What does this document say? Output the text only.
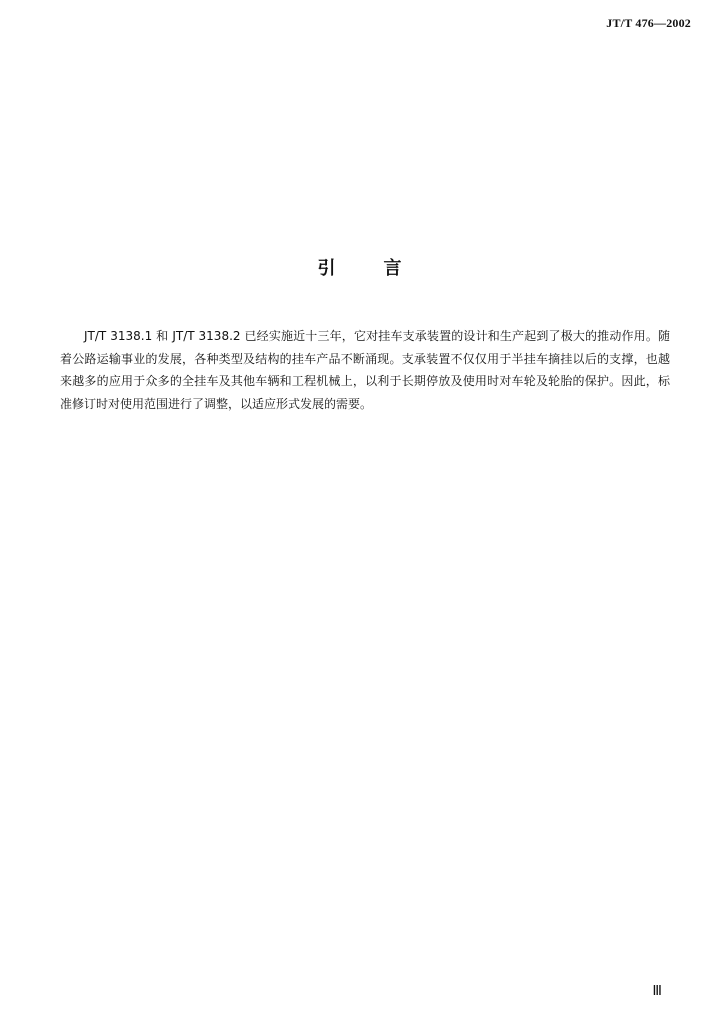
JT/T 476—2002
引言

JT/T 3138.1 和 JT/T 3138.2 已经实施近十三年，它对挂车支承装置的设计和生产起到了极大的推动作用。随着公路运输事业的发展，各种类型及结构的挂车产品不断涌现。支承装置不仅仅用于半挂车摘挂以后的支撑，也越来越多的应用于众多的全挂车及其他车辆和工程机械上，以利于长期停放及使用时对车轮及轮胎的保护。因此，标准修订时对使用范围进行了调整，以适应形式发展的需要。

Ⅲ
